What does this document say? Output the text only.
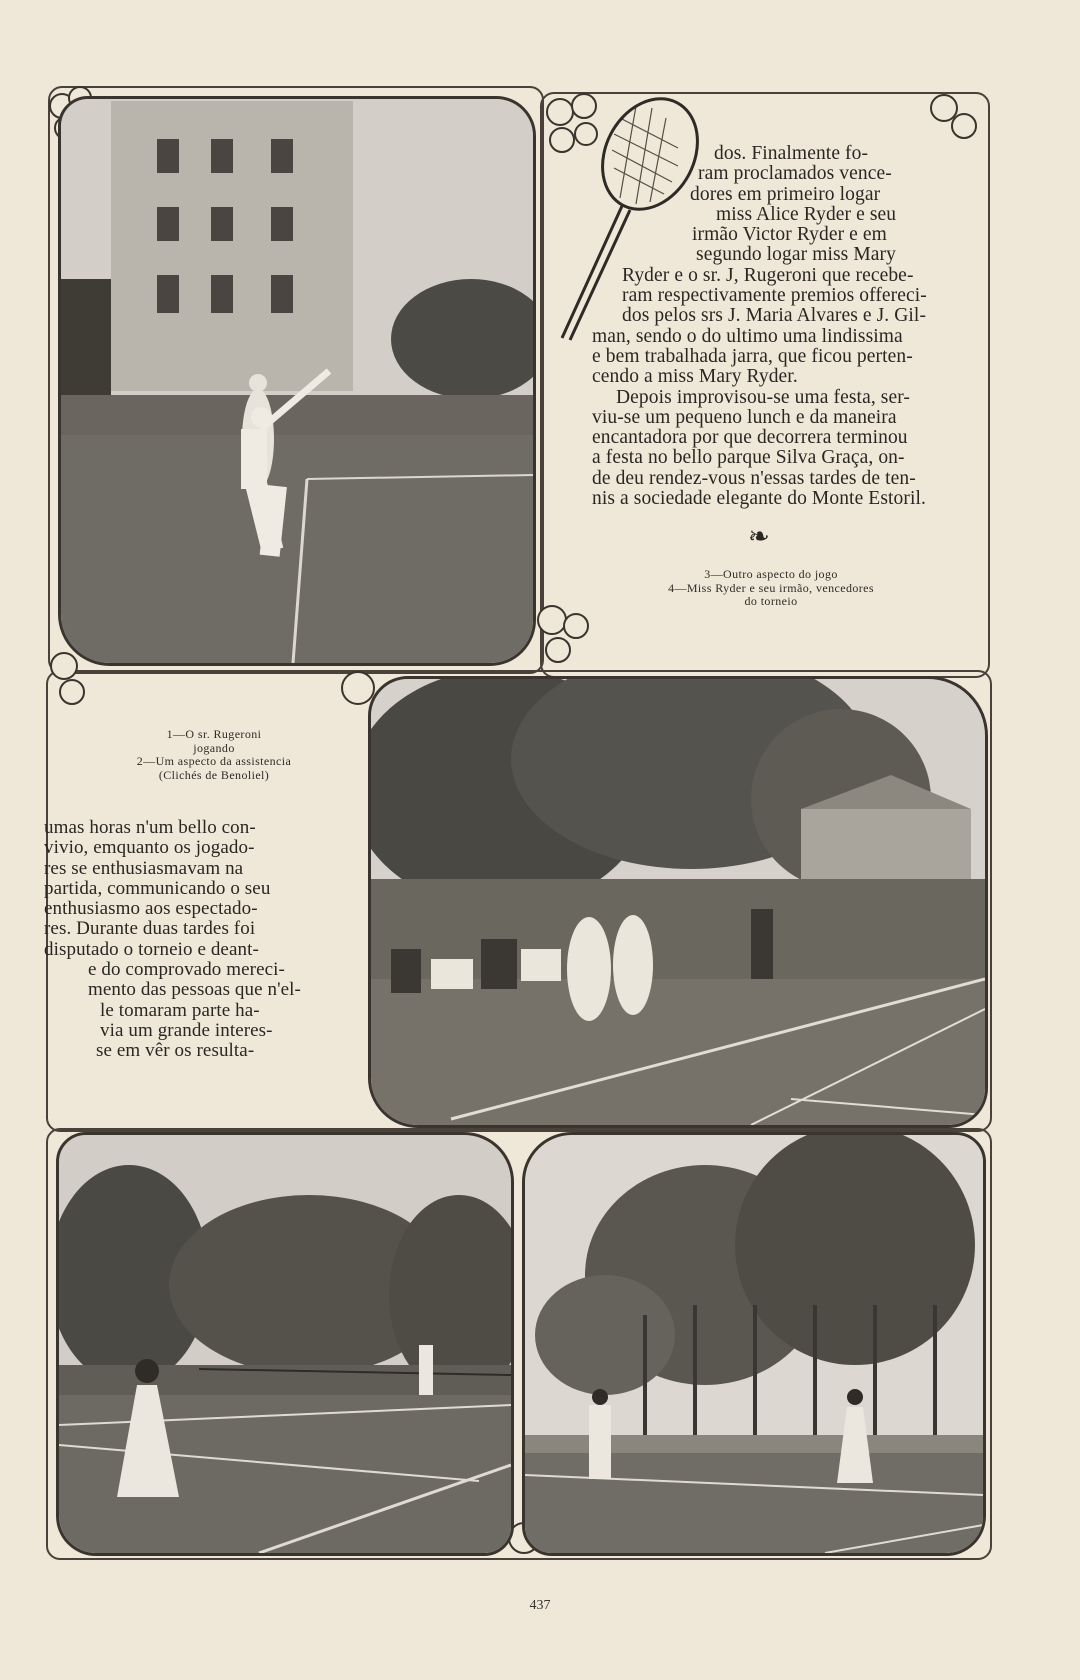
dos. Finalmente fo-

ram proclamados vence-

dores em primeiro logar

miss Alice Ryder e seu

irmão Victor Ryder e em

segundo logar miss Mary

Ryder e o sr. J, Rugeroni que recebe-

ram respectivamente premios offereci-

dos pelos srs J. Maria Alvares e J. Gil-

man, sendo o do ultimo uma lindissima

e bem trabalhada jarra, que ficou perten-

cendo a miss Mary Ryder.

Depois improvisou-se uma festa, ser-

viu-se um pequeno lunch e da maneira

encantadora por que decorrera terminou

a festa no bello parque Silva Graça, on-

de deu rendez-vous n'essas tardes de ten-

nis a sociedade elegante do Monte Estoril.

❧
3—Outro aspecto do jogo
4—Miss Ryder e seu irmão, vencedores
do torneio
1—O sr. Rugeroni
jogando
2—Um aspecto da assistencia
(Clichés de Benoliel)

umas horas n'um bello con-

vivio, emquanto os jogado-

res se enthusiasmavam na

partida, communicando o seu

enthusiasmo aos espectado-

res. Durante duas tardes foi

disputado o torneio e deant-

e do comprovado mereci-

mento das pessoas que n'el-

le tomaram parte ha-

via um grande interes-

se em vêr os resulta-

437
